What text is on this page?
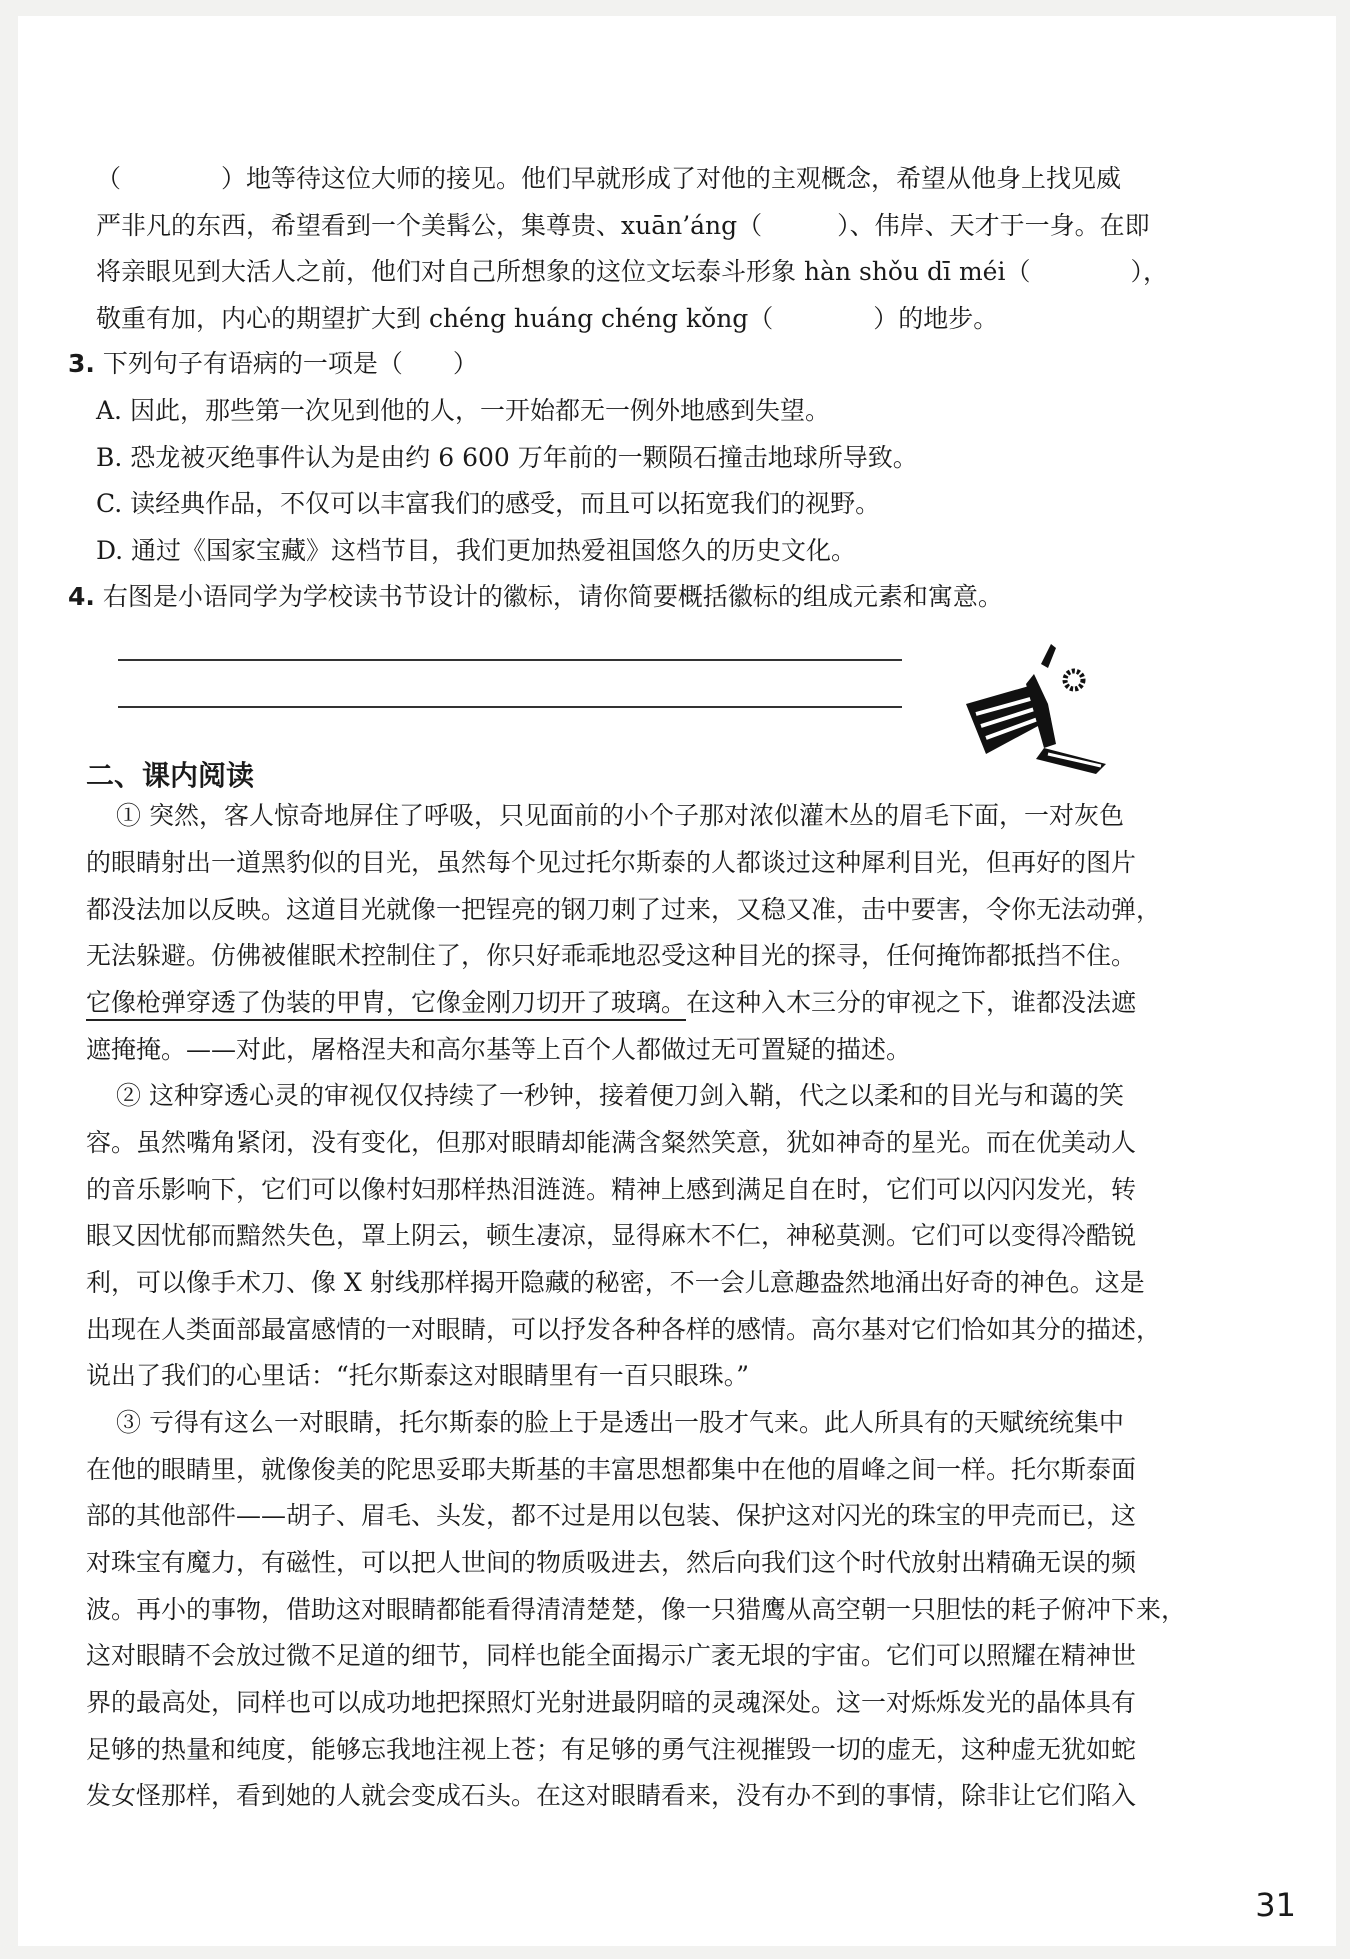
（　　　　）地等待这位大师的接见。他们早就形成了对他的主观概念，希望从他身上找见威
严非凡的东西，希望看到一个美髯公，集尊贵、xuān’áng（　　　）、伟岸、天才于一身。在即
将亲眼见到大活人之前，他们对自己所想象的这位文坛泰斗形象 hàn shǒu dī méi（　　　　），
敬重有加，内心的期望扩大到 chéng huáng chéng kǒng（　　　　）的地步。
3. 下列句子有语病的一项是（　　）
A. 因此，那些第一次见到他的人，一开始都无一例外地感到失望。
B. 恐龙被灭绝事件认为是由约 6 600 万年前的一颗陨石撞击地球所导致。
C. 读经典作品，不仅可以丰富我们的感受，而且可以拓宽我们的视野。
D. 通过《国家宝藏》这档节目，我们更加热爱祖国悠久的历史文化。
4. 右图是小语同学为学校读书节设计的徽标，请你简要概括徽标的组成元素和寓意。
二、课内阅读
① 突然，客人惊奇地屏住了呼吸，只见面前的小个子那对浓似灌木丛的眉毛下面，一对灰色
的眼睛射出一道黑豹似的目光，虽然每个见过托尔斯泰的人都谈过这种犀利目光，但再好的图片
都没法加以反映。这道目光就像一把锃亮的钢刀刺了过来，又稳又准，击中要害，令你无法动弹，
无法躲避。仿佛被催眠术控制住了，你只好乖乖地忍受这种目光的探寻，任何掩饰都抵挡不住。
它像枪弹穿透了伪装的甲胄，它像金刚刀切开了玻璃。在这种入木三分的审视之下，谁都没法遮
遮掩掩。——对此，屠格涅夫和高尔基等上百个人都做过无可置疑的描述。
② 这种穿透心灵的审视仅仅持续了一秒钟，接着便刀剑入鞘，代之以柔和的目光与和蔼的笑
容。虽然嘴角紧闭，没有变化，但那对眼睛却能满含粲然笑意，犹如神奇的星光。而在优美动人
的音乐影响下，它们可以像村妇那样热泪涟涟。精神上感到满足自在时，它们可以闪闪发光，转
眼又因忧郁而黯然失色，罩上阴云，顿生凄凉，显得麻木不仁，神秘莫测。它们可以变得冷酷锐
利，可以像手术刀、像 X 射线那样揭开隐藏的秘密，不一会儿意趣盎然地涌出好奇的神色。这是
出现在人类面部最富感情的一对眼睛，可以抒发各种各样的感情。高尔基对它们恰如其分的描述，
说出了我们的心里话：“托尔斯泰这对眼睛里有一百只眼珠。”
③ 亏得有这么一对眼睛，托尔斯泰的脸上于是透出一股才气来。此人所具有的天赋统统集中
在他的眼睛里，就像俊美的陀思妥耶夫斯基的丰富思想都集中在他的眉峰之间一样。托尔斯泰面
部的其他部件——胡子、眉毛、头发，都不过是用以包装、保护这对闪光的珠宝的甲壳而已，这
对珠宝有魔力，有磁性，可以把人世间的物质吸进去，然后向我们这个时代放射出精确无误的频
波。再小的事物，借助这对眼睛都能看得清清楚楚，像一只猎鹰从高空朝一只胆怯的耗子俯冲下来，
这对眼睛不会放过微不足道的细节，同样也能全面揭示广袤无垠的宇宙。它们可以照耀在精神世
界的最高处，同样也可以成功地把探照灯光射进最阴暗的灵魂深处。这一对烁烁发光的晶体具有
足够的热量和纯度，能够忘我地注视上苍；有足够的勇气注视摧毁一切的虚无，这种虚无犹如蛇
发女怪那样，看到她的人就会变成石头。在这对眼睛看来，没有办不到的事情，除非让它们陷入
31
